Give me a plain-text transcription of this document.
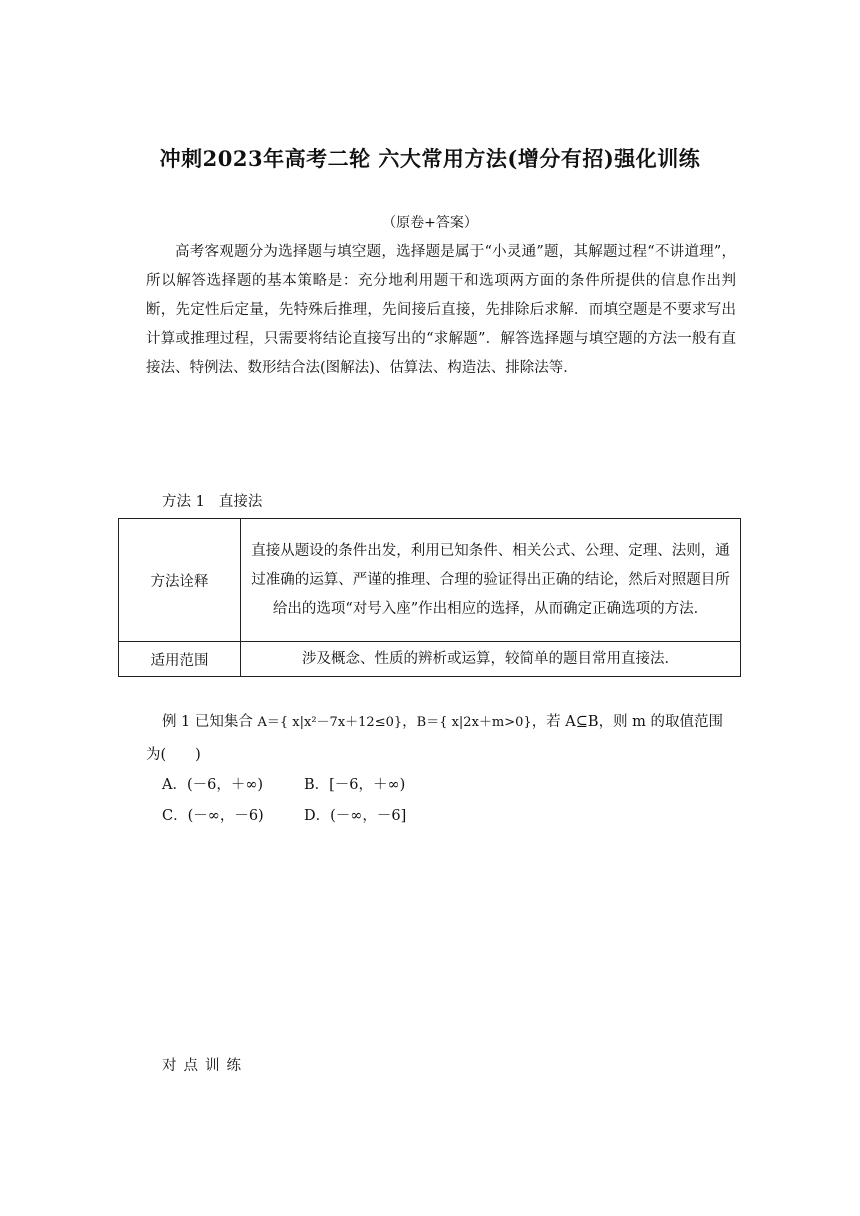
冲刺2023年高考二轮 六大常用方法(增分有招)强化训练
（原卷+答案）
高考客观题分为选择题与填空题，选择题是属于“小灵通”题，其解题过程“不讲道理”，所以解答选择题的基本策略是：充分地利用题干和选项两方面的条件所提供的信息作出判断，先定性后定量，先特殊后推理，先间接后直接，先排除后求解．而填空题是不要求写出计算或推理过程，只需要将结论直接写出的“求解题”．解答选择题与填空题的方法一般有直接法、特例法、数形结合法(图解法)、估算法、构造法、排除法等．
方法 1 直接法
方法诠释	直接从题设的条件出发，利用已知条件、相关公式、公理、定理、法则，通过准确的运算、严谨的推理、合理的验证得出正确的结论，然后对照题目所给出的选项“对号入座”作出相应的选择，从而确定正确选项的方法．
适用范围	涉及概念、性质的辨析或运算，较简单的题目常用直接法．
例 1 已知集合 A＝{ x|x²－7x＋12≤0}，B＝{ x|2x＋m>0}，若 A⊆B，则 m 的取值范围为(　　)
A．(－6，＋∞)	B．[－6，＋∞)
C．(－∞，－6)	D．(－∞，－6]
对点训练
